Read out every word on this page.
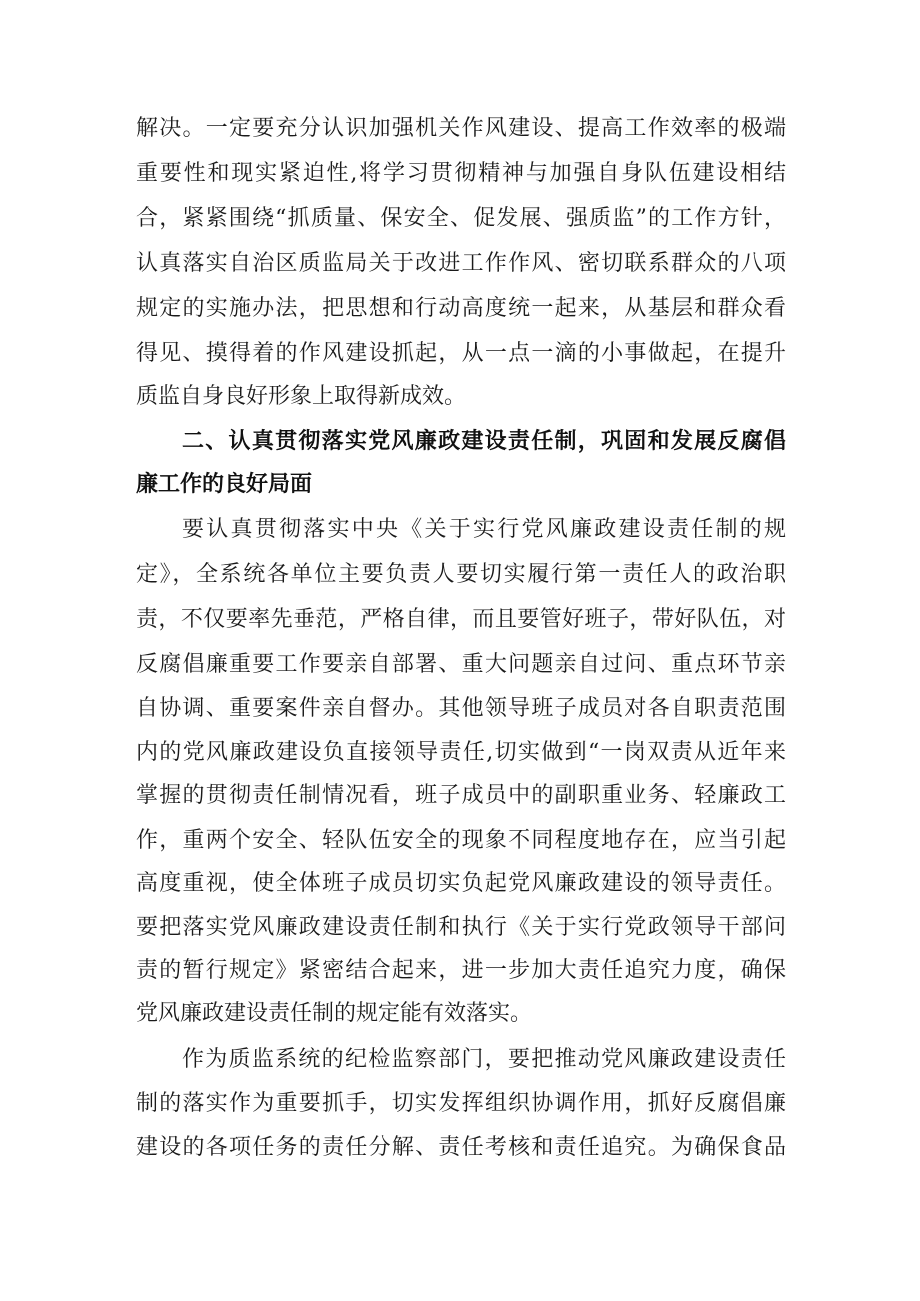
解决。一定要充分认识加强机关作风建设、提高工作效率的极端

重要性和现实紧迫性,将学习贯彻精神与加强自身队伍建设相结

合，紧紧围绕“抓质量、保安全、促发展、强质监”的工作方针，

认真落实自治区质监局关于改进工作作风、密切联系群众的八项

规定的实施办法，把思想和行动高度统一起来，从基层和群众看

得见、摸得着的作风建设抓起，从一点一滴的小事做起，在提升

质监自身良好形象上取得新成效。

二、认真贯彻落实党风廉政建设责任制，巩固和发展反腐倡

廉工作的良好局面

要认真贯彻落实中央《关于实行党风廉政建设责任制的规

定》，全系统各单位主要负责人要切实履行第一责任人的政治职

责，不仅要率先垂范，严格自律，而且要管好班子，带好队伍，对

反腐倡廉重要工作要亲自部署、重大问题亲自过问、重点环节亲

自协调、重要案件亲自督办。其他领导班子成员对各自职责范围

内的党风廉政建设负直接领导责任,切实做到“一岗双责从近年来

掌握的贯彻责任制情况看，班子成员中的副职重业务、轻廉政工

作，重两个安全、轻队伍安全的现象不同程度地存在，应当引起

高度重视，使全体班子成员切实负起党风廉政建设的领导责任。

要把落实党风廉政建设责任制和执行《关于实行党政领导干部问

责的暂行规定》紧密结合起来，进一步加大责任追究力度，确保

党风廉政建设责任制的规定能有效落实。

作为质监系统的纪检监察部门，要把推动党风廉政建设责任

制的落实作为重要抓手，切实发挥组织协调作用，抓好反腐倡廉

建设的各项任务的责任分解、责任考核和责任追究。为确保食品
